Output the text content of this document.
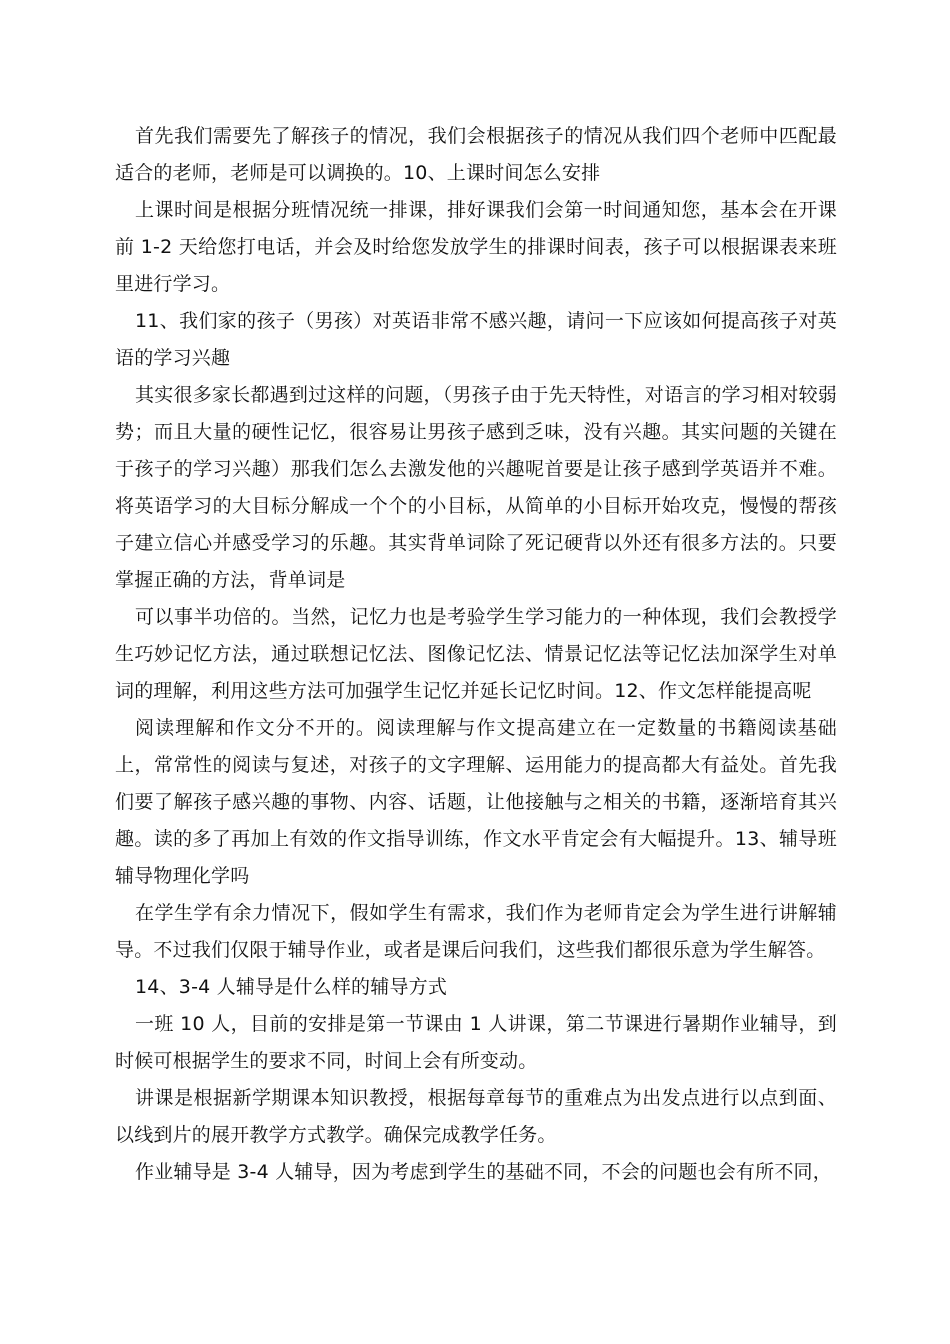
首先我们需要先了解孩子的情况，我们会根据孩子的情况从我们四个老师中匹配最适合的老师，老师是可以调换的。10、上课时间怎么安排

上课时间是根据分班情况统一排课，排好课我们会第一时间通知您，基本会在开课前 1-2 天给您打电话，并会及时给您发放学生的排课时间表，孩子可以根据课表来班里进行学习。

11、我们家的孩子（男孩）对英语非常不感兴趣，请问一下应该如何提高孩子对英语的学习兴趣

其实很多家长都遇到过这样的问题，（男孩子由于先天特性，对语言的学习相对较弱势；而且大量的硬性记忆，很容易让男孩子感到乏味，没有兴趣。其实问题的关键在于孩子的学习兴趣）那我们怎么去激发他的兴趣呢首要是让孩子感到学英语并不难。将英语学习的大目标分解成一个个的小目标，从简单的小目标开始攻克，慢慢的帮孩子建立信心并感受学习的乐趣。其实背单词除了死记硬背以外还有很多方法的。只要掌握正确的方法，背单词是

可以事半功倍的。当然，记忆力也是考验学生学习能力的一种体现，我们会教授学生巧妙记忆方法，通过联想记忆法、图像记忆法、情景记忆法等记忆法加深学生对单词的理解，利用这些方法可加强学生记忆并延长记忆时间。12、作文怎样能提高呢

阅读理解和作文分不开的。阅读理解与作文提高建立在一定数量的书籍阅读基础上，常常性的阅读与复述，对孩子的文字理解、运用能力的提高都大有益处。首先我们要了解孩子感兴趣的事物、内容、话题，让他接触与之相关的书籍，逐渐培育其兴趣。读的多了再加上有效的作文指导训练，作文水平肯定会有大幅提升。13、辅导班辅导物理化学吗

在学生学有余力情况下，假如学生有需求，我们作为老师肯定会为学生进行讲解辅导。不过我们仅限于辅导作业，或者是课后问我们，这些我们都很乐意为学生解答。

14、3-4 人辅导是什么样的辅导方式

一班 10 人，目前的安排是第一节课由 1 人讲课，第二节课进行暑期作业辅导，到时候可根据学生的要求不同，时间上会有所变动。

讲课是根据新学期课本知识教授，根据每章每节的重难点为出发点进行以点到面、以线到片的展开教学方式教学。确保完成教学任务。

作业辅导是 3-4 人辅导，因为考虑到学生的基础不同，不会的问题也会有所不同，
